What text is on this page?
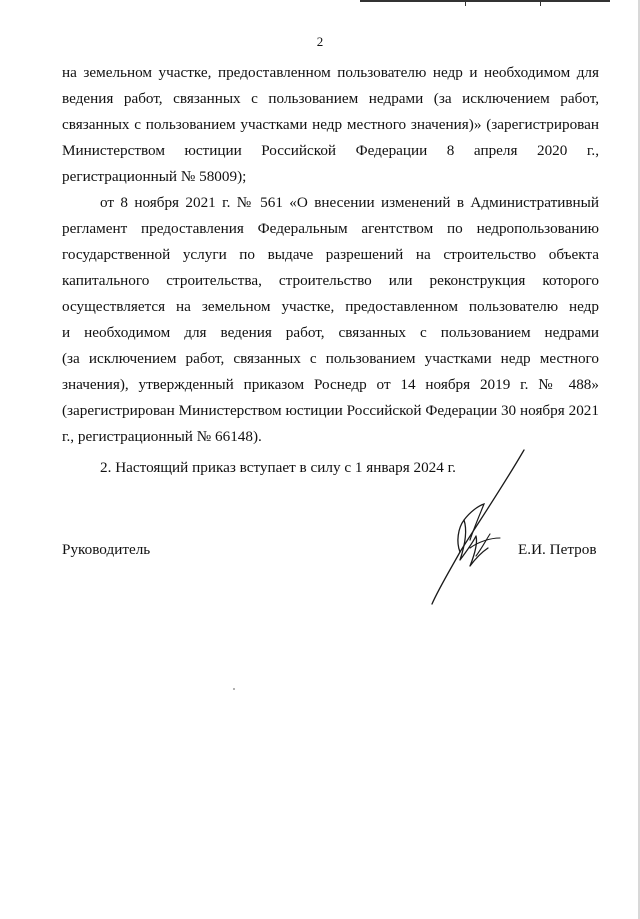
2
на земельном участке, предоставленном пользователю недр и необходимом для
ведения работ, связанных с пользованием недрами (за исключением работ,
связанных с пользованием участками недр местного значения)» (зарегистрирован
Министерством юстиции Российской Федерации 8 апреля 2020 г.,
регистрационный № 58009);
от 8 ноября 2021 г. № 561 «О внесении изменений в Административный
регламент предоставления Федеральным агентством по недропользованию
государственной услуги по выдаче разрешений на строительство объекта
капитального строительства, строительство или реконструкция которого
осуществляется на земельном участке, предоставленном пользователю недр
и необходимом для ведения работ, связанных с пользованием недрами
(за исключением работ, связанных с пользованием участками недр местного
значения), утвержденный приказом Роснедр от 14 ноября 2019 г. № 488»
(зарегистрирован Министерством юстиции Российской Федерации 30 ноября 2021
г., регистрационный № 66148).
2. Настоящий приказ вступает в силу с 1 января 2024 г.
Руководитель	Е.И. Петров
